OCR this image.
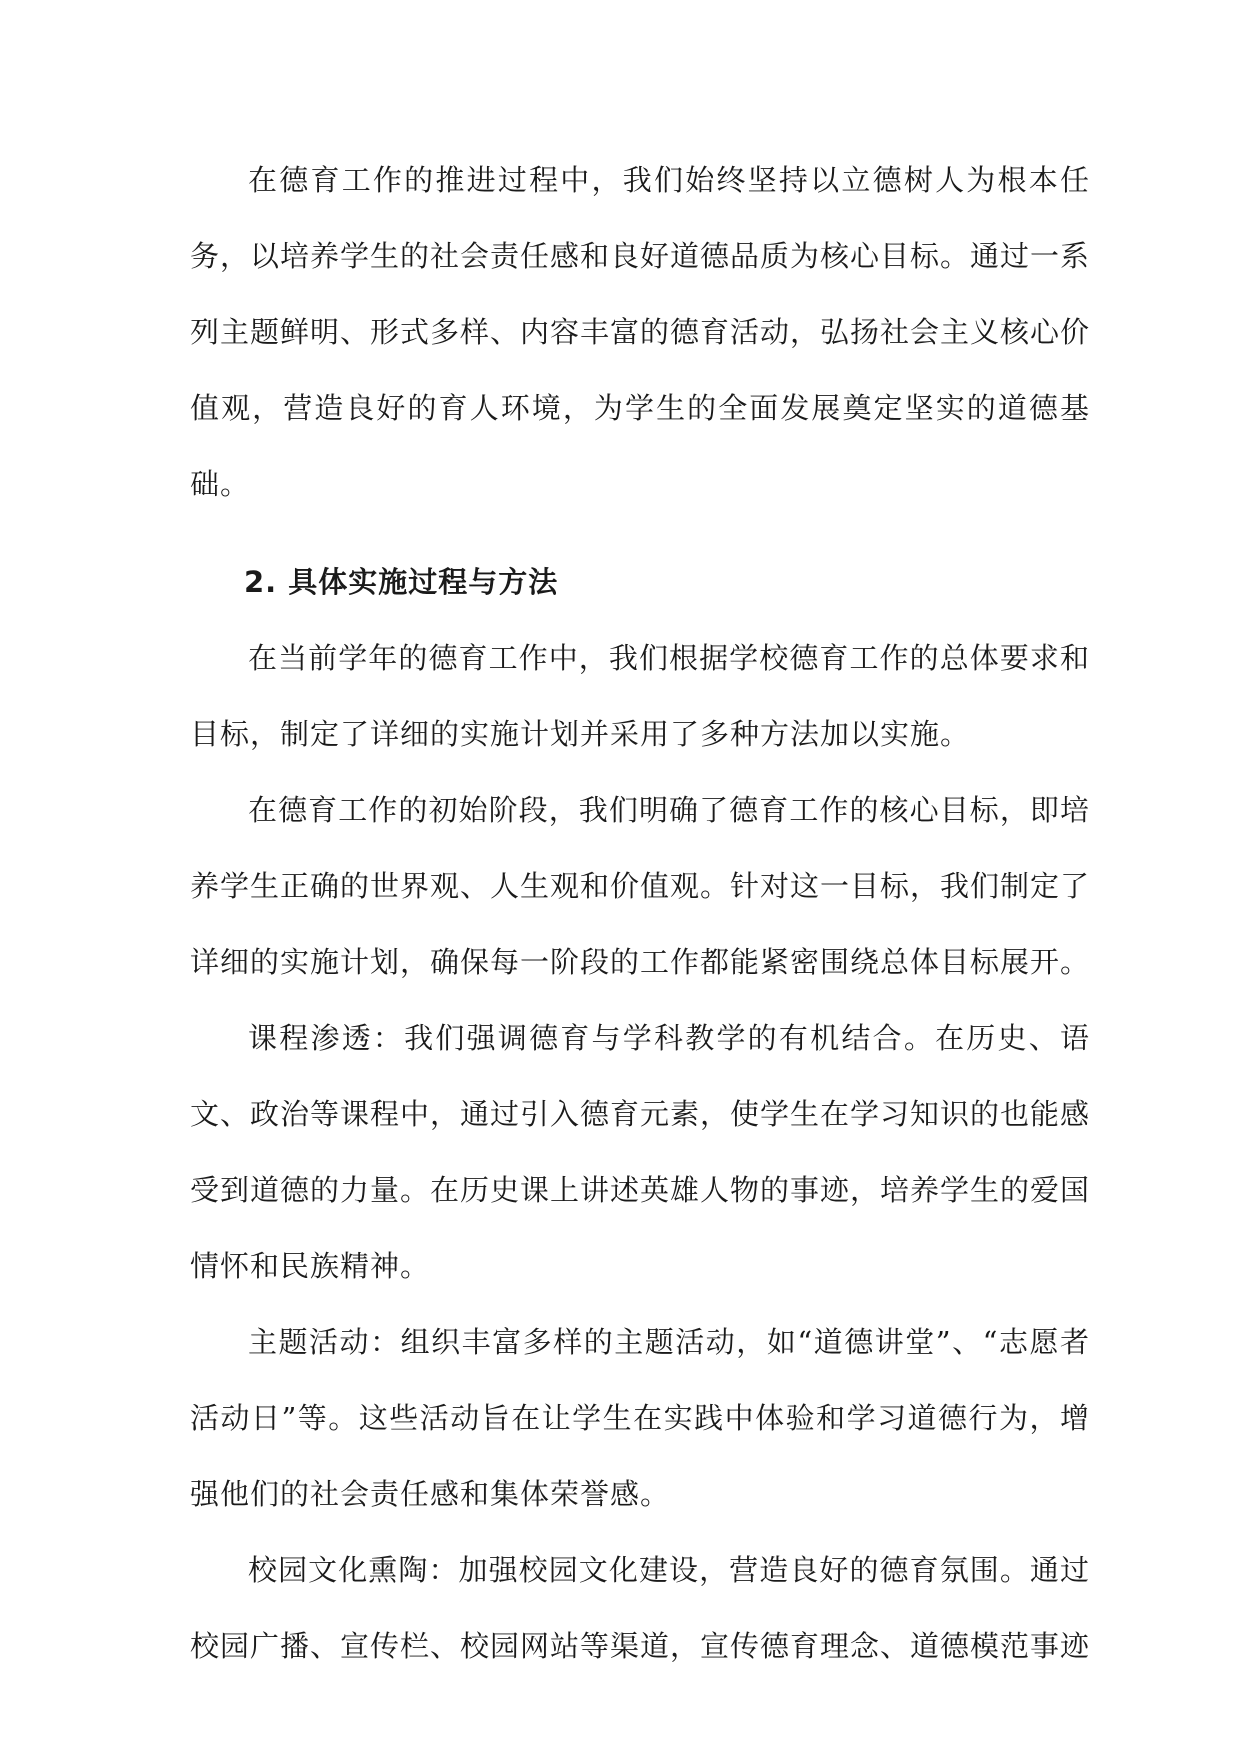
在德育工作的推进过程中，我们始终坚持以立德树人为根本任务，以培养学生的社会责任感和良好道德品质为核心目标。通过一系列主题鲜明、形式多样、内容丰富的德育活动，弘扬社会主义核心价值观，营造良好的育人环境，为学生的全面发展奠定坚实的道德基础。

2. 具体实施过程与方法

在当前学年的德育工作中，我们根据学校德育工作的总体要求和目标，制定了详细的实施计划并采用了多种方法加以实施。

在德育工作的初始阶段，我们明确了德育工作的核心目标，即培养学生正确的世界观、人生观和价值观。针对这一目标，我们制定了详细的实施计划，确保每一阶段的工作都能紧密围绕总体目标展开。

课程渗透：我们强调德育与学科教学的有机结合。在历史、语文、政治等课程中，通过引入德育元素，使学生在学习知识的也能感受到道德的力量。在历史课上讲述英雄人物的事迹，培养学生的爱国情怀和民族精神。

主题活动：组织丰富多样的主题活动，如“道德讲堂”、“志愿者活动日”等。这些活动旨在让学生在实践中体验和学习道德行为，增强他们的社会责任感和集体荣誉感。

校园文化熏陶：加强校园文化建设，营造良好的德育氛围。通过校园广播、宣传栏、校园网站等渠道，宣传德育理念、道德模范事迹
